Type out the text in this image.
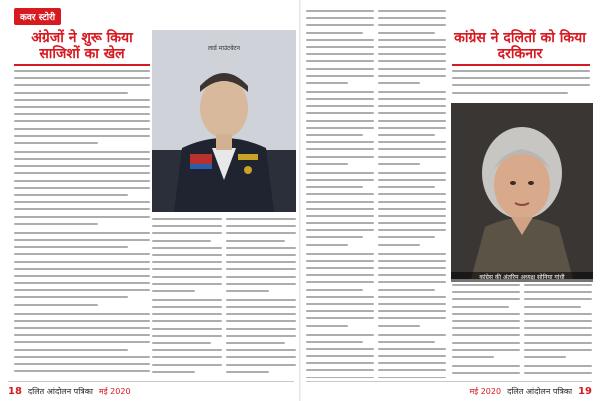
कवर स्टोरी
अंग्रेजों ने शुरू किया साजिशों का खेल	लार्ड माउंटबेटन
कांग्रेस ने दलितों को किया दरकिनार
कांग्रेस की अंतरिम अध्यक्ष सोनिया गांधी
18 दलित आंदोलन पत्रिका मई 2020	मई 2020 दलित आंदोलन पत्रिका 19
